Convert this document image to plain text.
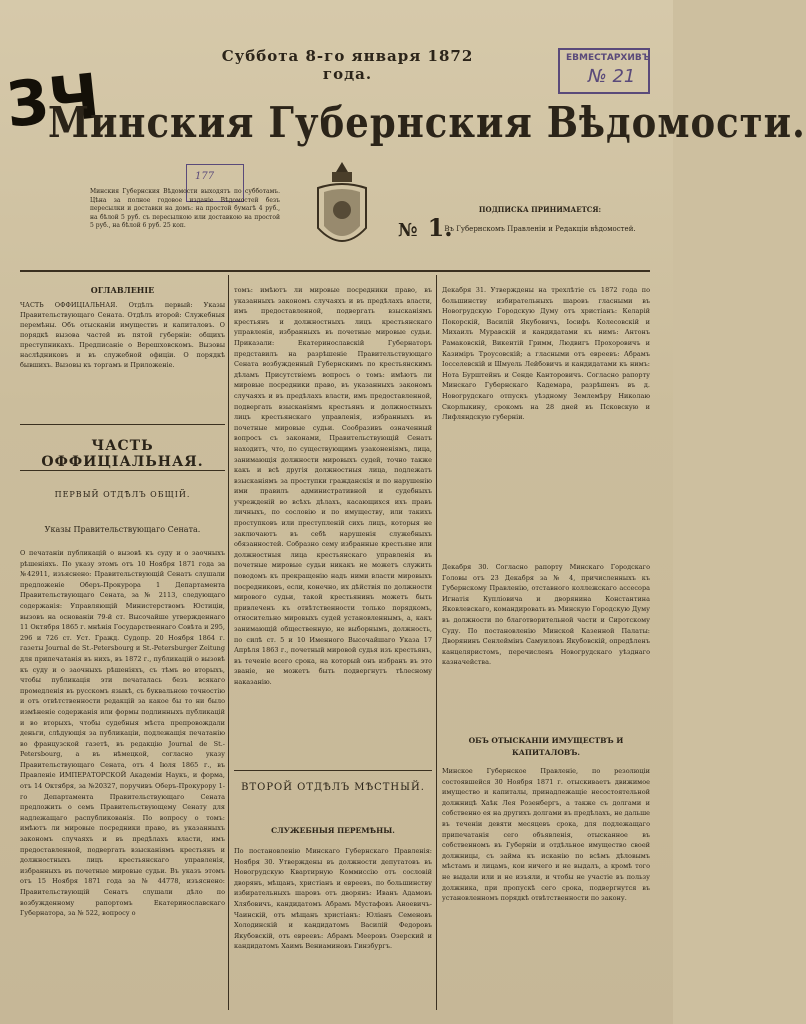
Суббота 8-го января 1872 года.
3Ч
Минския Губернския Вѣдомости.
ЕВМЕСТАРХИВЪ
№ 21
177
Минския Губернския Вѣдомости выходятъ по субботамъ. Цѣна за полное годовое изданіе Вѣдомостей безъ пересылки и доставки на домъ: на простой бумагѣ 4 руб., на бѣлой 5 руб. съ пересылкою или доставкою на простой 5 руб., на бѣлой 6 руб. 25 коп.	№ 1.
ПОДПИСКА ПРИНИМАЕТСЯ:
Въ Губернскомъ Правленіи и Редакціи вѣдомостей.
ОГЛАВЛЕНІЕ
ЧАСТЬ ОФФИЦІАЛЬНАЯ. Отдѣлъ первый: Указы Правительствующаго Сената. Отдѣлъ второй: Служебныя перемѣны. Объ отысканіи имуществъ и капиталовъ. О порядкѣ вызова частей въ пятой губерніи: общихъ преступникахъ. Предписаніе о Верешховскомъ. Вызовы наслѣдниковъ и въ служебной офиціи. О порядкѣ бывшихъ. Вызовы къ торгамъ и Приложеніе.
ЧАСТЬ ОФФИЦІАЛЬНАЯ.
ПЕРВЫЙ ОТДѢЛЪ ОБЩІЙ.
Указы Правительствующаго Сената.
О печатаніи публикацій о вызовѣ къ суду и о заочныхъ рѣшеніяхъ. По указу этомъ отъ 10 Ноября 1871 года за №42911, изъяснено: Правительствующій Сенатъ слушали предложеніе Оберъ-Прокурора 1 Департамента Правительствующаго Сената, за № 2113, следующаго содержанія: Управляющій Министерствомъ Юстиціи, вызовъ на основаніи 79-й ст. Высочайше утвержденнаго 11 Октября 1865 г. мнѣнія Государственнаго Совѣта и 295, 296 и 726 ст. Уст. Гражд. Судопр. 20 Ноября 1864 г. газеты Journal de St.-Petersbourg и St.-Petersburger Zeitung для припечатанія въ нихъ, въ 1872 г., публикацій о вызовѣ къ суду и о заочныхъ рѣшеніяхъ, съ тѣмъ во вторыхъ, чтобы публикація эти печаталась безъ всякаго промедленія въ русскомъ языкѣ, съ буквальною точностію и отъ отвѣтственности редакцій за какое бы то ни было измѣненіе содержанія или формы подлинныхъ публикацій и во вторыхъ, чтобы судебныя мѣста препровождали деньги, слѣдующія за публикаціи, подлежащія печатанію во французской газетѣ, въ редакцію Journal de St.-Petersbourg, а въ нѣмецкой, согласно указу Правительствующаго Сената, отъ 4 Іюля 1865 г., въ Правленіе ИМПЕРАТОРСКОЙ Академіи Наукъ, и форма, отъ 14 Октября, за №20327, поручивъ Оберъ-Прокурору 1-го Департамента Правительствующаго Сената предложить о семъ Правительствующему Сенату для надлежащаго распубликованія. По вопросу о томъ: имѣютъ ли мировые посредники право, въ указанныхъ закономъ случаяхъ и въ предѣлахъ власти, имъ предоставленной, подвергать взысканіямъ крестьянъ и должностныхъ лицъ крестьянскаго управленія, избранныхъ въ почетные мировые судьи. Въ указъ этомъ отъ 15 Ноября 1871 года за № 44778, изъяснено: Правительствующій Сенатъ слушали дѣло по возбужденному рапортомъ Екатеринославскаго Губернатора, за № 522, вопросу о
томъ: имѣютъ ли мировые посредники право, въ указанныхъ закономъ случаяхъ и въ предѣлахъ власти, имъ предоставленной, подвергать взысканіямъ крестьянъ и должностныхъ лицъ крестьянскаго управленія, избранныхъ въ почетные мировые судьи. Приказали: Екатеринославскій Губернаторъ представилъ на разрѣшеніе Правительствующаго Сената возбужденный Губернскимъ по крестьянскимъ дѣламъ Присутствіемъ вопросъ о томъ: имѣютъ ли мировые посредники право, въ указанныхъ закономъ случаяхъ и въ предѣлахъ власти, имъ предоставленной, подвергать взысканіямъ крестьянъ и должностныхъ лицъ крестьянскаго управленія, избранныхъ въ почетные мировые судьи. Сообразивъ означенный вопросъ съ законами, Правительствующій Сенатъ находитъ, что, по существующимъ узаконеніямъ, лица, занимающія должности мировыхъ судей, точно также какъ и всѣ другія должностныя лица, подлежатъ взысканіямъ за проступки гражданскія и по нарушенію ими правилъ административной и судебныхъ учрежденій во всѣхъ дѣлахъ, касающихся ихъ правъ личныхъ, по сословію и по имуществу, или такихъ проступковъ или преступленій сихъ лицъ, которыя не заключаютъ въ себѣ нарушенія служебныхъ обязанностей. Собразно сему избранные крестьяне или должностныя лица крестьянскаго управленія въ почетные мировые судьи никакъ не можетъ служить поводомъ къ прекращенію надъ ними власти мировыхъ посредниковъ, если, конечно, их дѣйствія по должности мирового судьи, такой крестьянинъ можетъ быть привлеченъ къ отвѣтственности только порядкомъ, относительно мировыхъ судей установленнымъ, а, какъ занимающій общественную, не выборнымъ, должность, по силѣ ст. 5 и 10 Именного Высочайшаго Указа 17 Апрѣля 1863 г., почетный мировой судья изъ крестьянъ, въ теченіе всего срока, на который онъ избранъ въ это званіе, не можетъ быть подвергнутъ тѣлесному наказанію.
ВТОРОЙ ОТДѢЛЪ МѢСТНЫЙ.
СЛУЖЕБНЫЯ ПЕРЕМѢНЫ.
По постановленію Минскаго Губернскаго Правленія: Ноября 30. Утверждены въ должности депутатовъ въ Новогрудскую Квартирную Коммиссію отъ сословій дворянъ, мѣщанъ, христіанъ и евреевъ, по большинству избирательныхъ шаровъ отъ дворянъ: Иванъ Адамовъ Хлябовичъ, кандидатомъ Абрамъ Мустафовъ Аноевичъ-Чаинскій, отъ мѣщанъ христіанъ: Юліанъ Семеновъ Холодинскій и кандидатомъ Василій Федоровъ Якубовскій, отъ евреевъ: Абрамъ Мееровъ Озерский и кандидатомъ Хаимъ Вениаминовъ Гинзбургъ.
Декабря 31. Утверждены на трехлѣтіе съ 1872 года по большинству избирательныхъ шаровъ гласными въ Новогрудскую Городскую Думу отъ христіанъ: Келарій Покорскій, Василій Якубовичъ, Іосифъ Колесовскій и Михаилъ Муравскій и кандидатами къ нимъ: Антонъ Рамаковскій, Викентій Гримм, Людвигъ Прохоровичъ и Казиміръ Троусовскій; а гласными отъ евреевъ: Абрамъ Іосселевскій и Шмуель Лейбовичъ и кандидатами къ нимъ: Нота Бурштейнъ и Сенде Канторовичъ. Согласно рапорту Минскаго Губернскаго Кадемара, разрѣшенъ въ д. Новогрудскаго отпускъ уѣздному Землемѣру Николаю Скорлыкину, срокомъ на 28 дней въ Псковскую и Лифляндскую губерніи.
Декабря 30. Согласно рапорту Минскаго Городскаго Головы отъ 23 Декабря за № 4, причисленныхъ къ Губернскому Правленію, отставного коллежскаго ассесора Игнатія Купліовича и дворянина Константина Яковлевскаго, командировать въ Минскую Городскую Думу въ должности по благотворительной части и Сиротскому Суду. По постановленію Минской Казенной Палаты: Дворянинъ Сенлеймінъ Самуиловъ Якубовскій, опредѣленъ канцеляристомъ, перечисленъ Новогрудскаго уѣзднаго казначейства.
ОБЪ ОТЫСКАНІИ ИМУЩЕСТВЪ И КАПИТАЛОВЪ.
Минское Губернское Правленіе, по резолюціи состоявшейся 30 Ноября 1871 г. отыскиваетъ движимое имущество и капиталы, принадлежащіе несостоятельной должницѣ Хаѣк Лея Розенбергъ, а также съ долгами и собственно ея на другихъ долгами въ предѣлахъ, не дальше въ теченіи девяти месяцевъ срока, для подлежащаго припечатанія сего объявленія, отысканное въ собственномъ въ Губерніи и отдѣльное имущество своей должницы, съ займа къ исканію по всѣмъ дѣловымъ мѣстамъ и лицамъ, кои ничего и не выдалъ, а кромѣ того не выдали или и не изъяли, и чтобы не участіе въ пользу должника, при пропускѣ сего срока, подвергнутся въ установленномъ порядкѣ отвѣтственности по закону.
